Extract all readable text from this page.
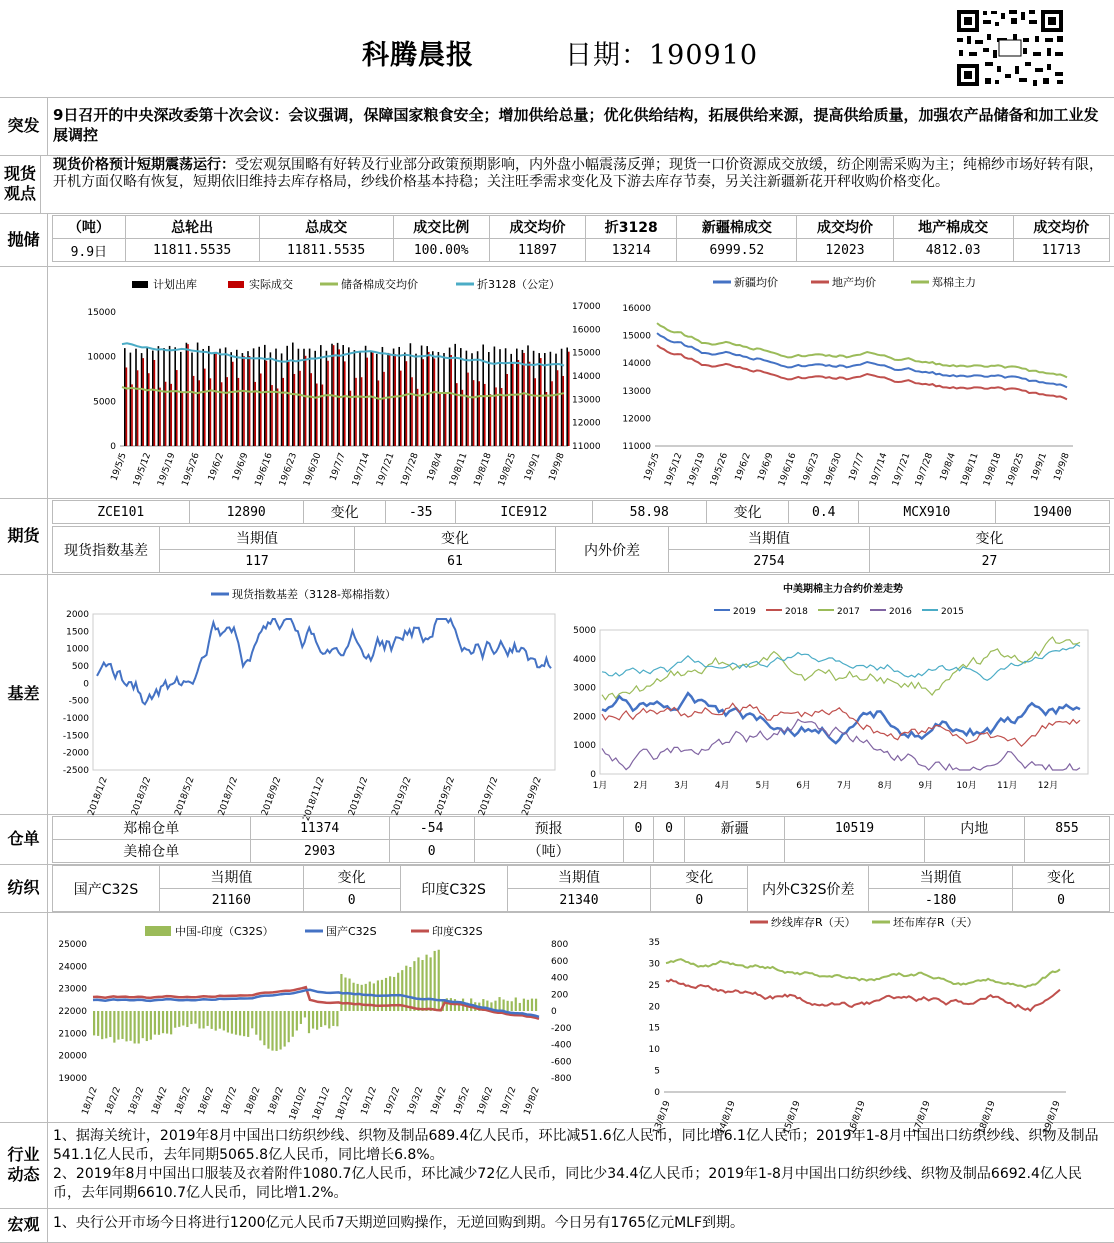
科腾晨报	日期：190910
突发
9日召开的中央深改委第十次会议：会议强调，保障国家粮食安全；增加供给总量；优化供给结构，拓展供给来源，提高供给质量，加强农产品储备和加工业发展调控
现货观点
现货价格预计短期震荡运行：受宏观氛围略有好转及行业部分政策预期影响，内外盘小幅震荡反弹；现货一口价资源成交放缓，纺企刚需采购为主；纯棉纱市场好转有限，开机方面仅略有恢复，短期依旧维持去库存格局，纱线价格基本持稳；关注旺季需求变化及下游去库存节奏，另关注新疆新花开秤收购价格变化。
抛储
（吨）	总轮出	总成交	成交比例	成交均价	折3128	新疆棉成交	成交均价	地产棉成交	成交均价
9.9日	11811.5535	11811.5535	100.00%	11897	13214	6999.52	12023	4812.03	11713
计划出库	实际成交	储备棉成交均价	折3128（公定）
15000
10000
5000
0
17000
16000
15000
14000
13000
12000
11000
19/5/5 19/5/12 19/5/19 19/5/26 19/6/2 19/6/9 19/6/16 19/6/23 19/6/30 19/7/7 19/7/14 19/7/21 19/7/28 19/8/4 19/8/11 19/8/18 19/8/25 19/9/1 19/9/8
新疆均价	地产均价	郑棉主力
16000
15000
14000
13000
12000
11000
19/5/5 19/5/12 19/5/19 19/5/26 19/6/2 19/6/9 19/6/16 19/6/23 19/6/30 19/7/7 19/7/14 19/7/21 19/7/28 19/8/4 19/8/11 19/8/18 19/8/25 19/9/1 19/9/8
期货
ZCE101	12890	变化	-35	ICE912	58.98	变化	0.4	MCX910	19400
现货指数基差	当期值	变化	内外价差	当期值	变化
	117	61		2754	27
基差
现货指数基差（3128-郑棉指数）
2000
1500
1000
500
0
-500
-1000
-1500
-2000
-2500
2018/1/2 2018/3/2 2018/5/2 2018/7/2 2018/9/2 2018/11/2 2019/1/2 2019/3/2 2019/5/2 2019/7/2 2019/9/2
中美期棉主力合约价差走势
2019	2018	2017	2016	2015
5000
4000
3000
2000
1000
0
1月	2月	3月	4月	5月	6月	7月	8月	9月	10月 11月 12月
仓单	郑棉仓单	11374	-54	预报	0	0	新疆	10519	内地	855
美棉仓单	2903	0	（吨）						
纺织	国产C32S	当期值	变化	印度C32S	当期值	变化	内外C32S价差	当期值	变化
	21160	0		21340	0		-180	0
中国-印度（C32S）	国产C32S	印度C32S
25000
24000
23000
22000
21000
20000
19000
800
600
400
200
0
-200
-400
-600
-800
18/1/2 18/2/2 18/3/2 18/4/2 18/5/2 18/6/2 18/7/2 18/8/2 18/9/2 18/10/2 18/11/2 18/12/2 19/1/2 19/2/2 19/3/2 19/4/2 19/5/2 19/6/2 19/7/2 19/8/2
纱线库存R（天）	坯布库存R（天）
35
30
25
20
15
10
5
0
13/8/19	14/8/19	15/8/19	16/8/19	17/8/19	18/8/19	19/8/19
行业动态
1、据海关统计，2019年8月中国出口纺织纱线、织物及制品689.4亿人民币，环比减51.6亿人民币，同比增6.1亿人民币；2019年1-8月中国出口纺织纱线、织物及制品541.1亿人民币，去年同期5065.8亿人民币，同比增长6.8%。
2、2019年8月中国出口服装及衣着附件1080.7亿人民币，环比减少72亿人民币，同比少34.4亿人民币；2019年1-8月中国出口纺织纱线、织物及制品6692.4亿人民币，去年同期6610.7亿人民币，同比增1.2%。
宏观 1、央行公开市场今日将进行1200亿元人民币7天期逆回购操作，无逆回购到期。今日另有1765亿元MLF到期。
